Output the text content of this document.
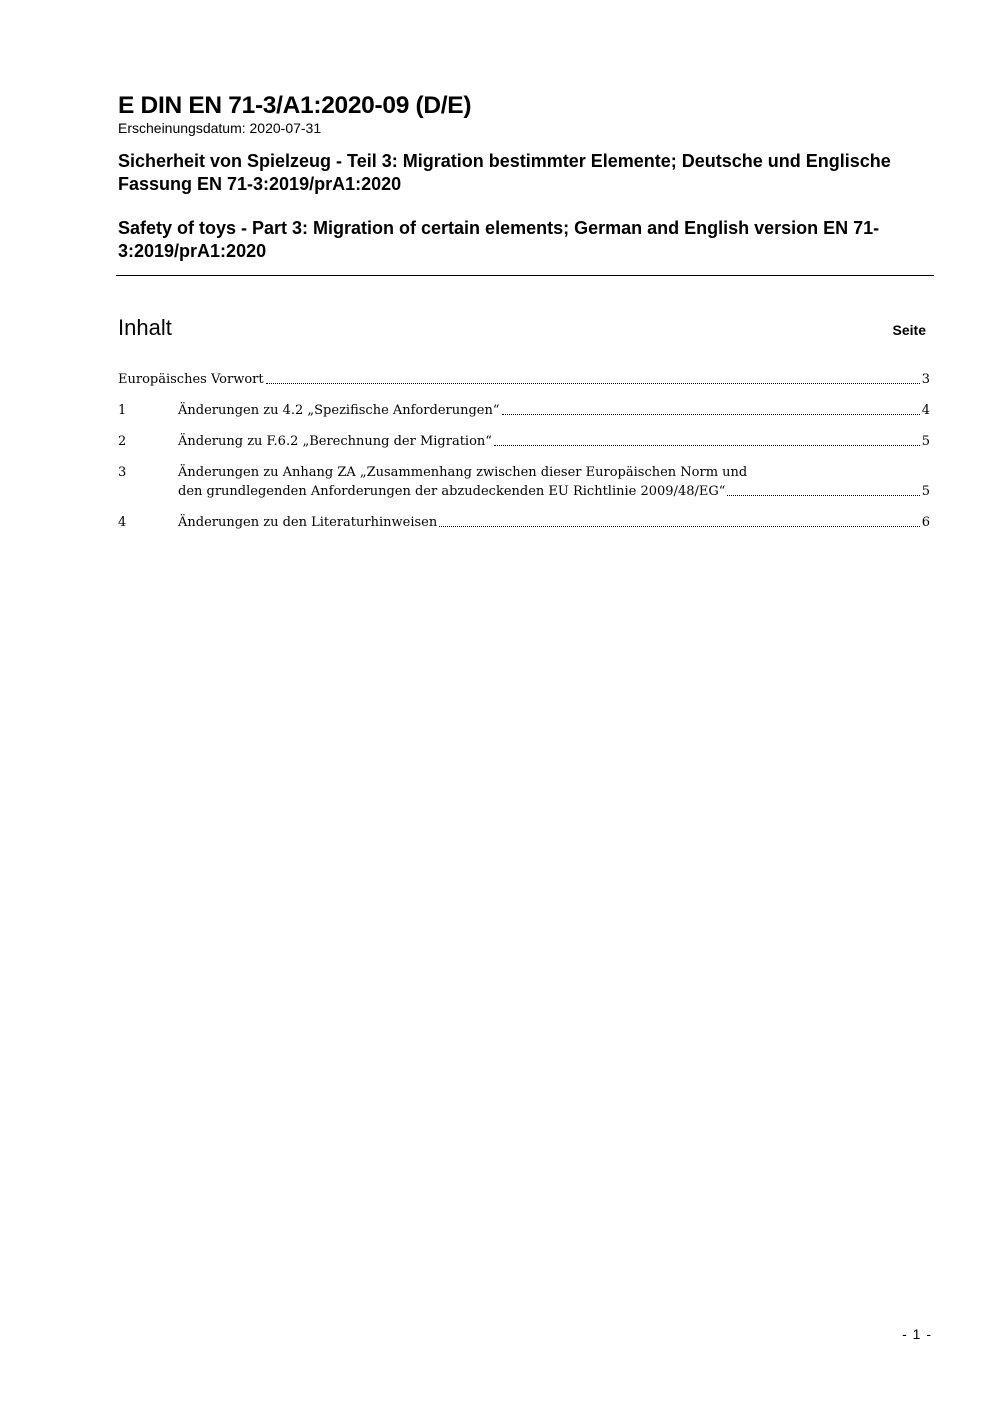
E DIN EN 71-3/A1:2020-09 (D/E)

Erscheinungsdatum: 2020-07-31

Sicherheit von Spielzeug - Teil 3: Migration bestimmter Elemente; Deutsche und Englische Fassung EN 71-3:2019/prA1:2020
Safety of toys - Part 3: Migration of certain elements; German and English version EN 71-3:2019/prA1:2020
Inhalt	Seite
Europäisches Vorwort	3
1	Änderungen zu 4.2 „Spezifische Anforderungen“	4
2	Änderung zu F.6.2 „Berechnung der Migration“	5
3	Änderungen zu Anhang ZA „Zusammenhang zwischen dieser Europäischen Norm und
den grundlegenden Anforderungen der abzudeckenden EU Richtlinie 2009/48/EG“	5
4	Änderungen zu den Literaturhinweisen	6
- 1 -
